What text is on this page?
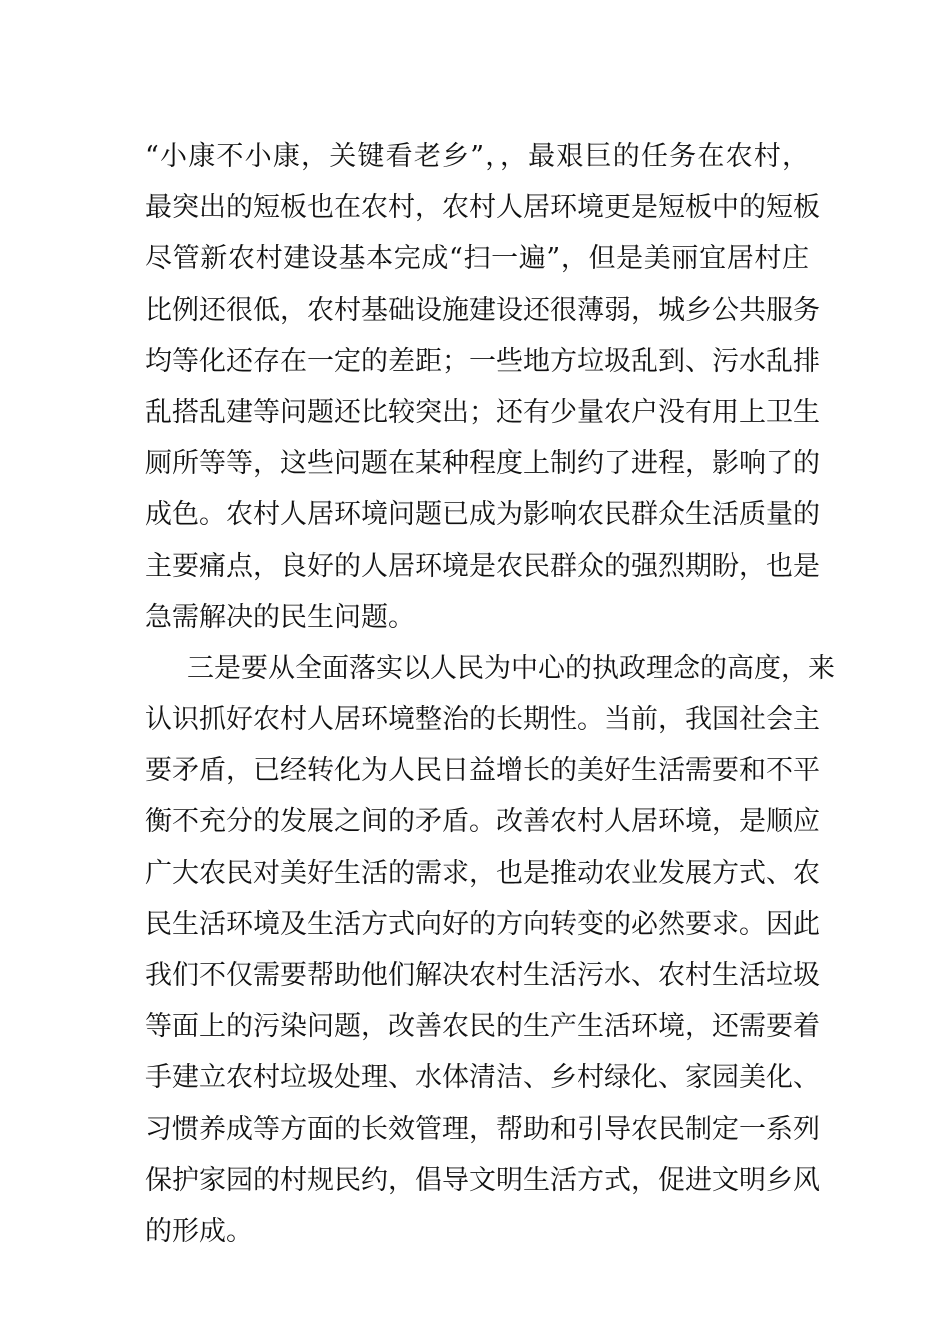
“小康不小康，关键看老乡”，，最艰巨的任务在农村，
最突出的短板也在农村，农村人居环境更是短板中的短板
尽管新农村建设基本完成“扫一遍”，但是美丽宜居村庄
比例还很低，农村基础设施建设还很薄弱，城乡公共服务
均等化还存在一定的差距；一些地方垃圾乱到、污水乱排
乱搭乱建等问题还比较突出；还有少量农户没有用上卫生
厕所等等，这些问题在某种程度上制约了进程，影响了的
成色。农村人居环境问题已成为影响农民群众生活质量的
主要痛点，良好的人居环境是农民群众的强烈期盼，也是
急需解决的民生问题。
三是要从全面落实以人民为中心的执政理念的高度，来
认识抓好农村人居环境整治的长期性。当前，我国社会主
要矛盾，已经转化为人民日益增长的美好生活需要和不平
衡不充分的发展之间的矛盾。改善农村人居环境，是顺应
广大农民对美好生活的需求，也是推动农业发展方式、农
民生活环境及生活方式向好的方向转变的必然要求。因此
我们不仅需要帮助他们解决农村生活污水、农村生活垃圾
等面上的污染问题，改善农民的生产生活环境，还需要着
手建立农村垃圾处理、水体清洁、乡村绿化、家园美化、
习惯养成等方面的长效管理，帮助和引导农民制定一系列
保护家园的村规民约，倡导文明生活方式，促进文明乡风
的形成。
